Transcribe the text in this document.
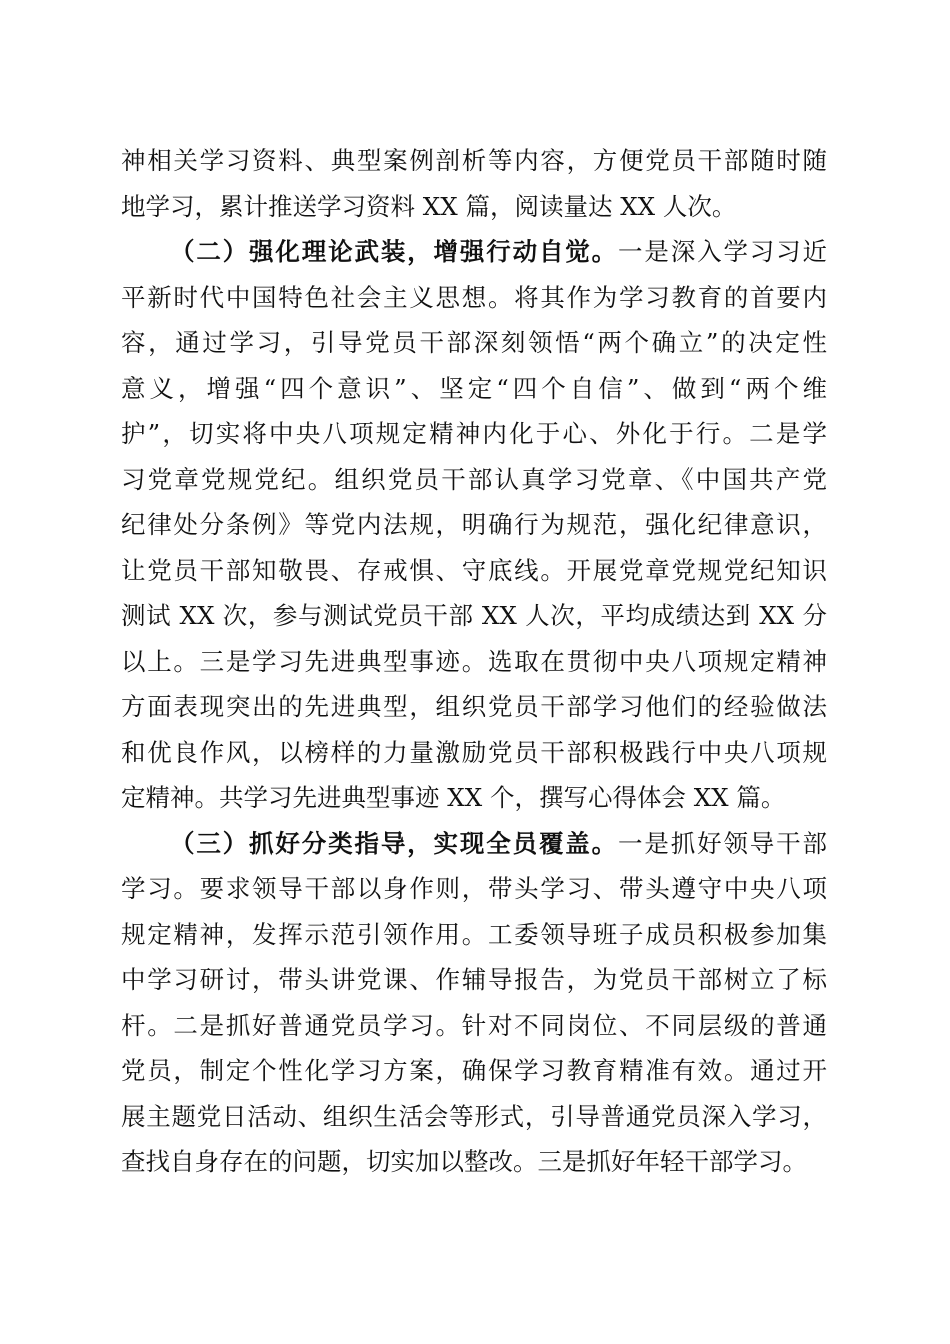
神相关学习资料、典型案例剖析等内容，方便党员干部随时随
地学习，累计推送学习资料 XX 篇，阅读量达 XX 人次。

（二）强化理论武装，增强行动自觉。一是深入学习习近
平新时代中国特色社会主义思想。将其作为学习教育的首要内
容，通过学习，引导党员干部深刻领悟“两个确立”的决定性
意义，增强“四个意识”、坚定“四个自信”、做到“两个维
护”，切实将中央八项规定精神内化于心、外化于行。二是学
习党章党规党纪。组织党员干部认真学习党章、《中国共产党
纪律处分条例》等党内法规，明确行为规范，强化纪律意识，
让党员干部知敬畏、存戒惧、守底线。开展党章党规党纪知识
测试 XX 次，参与测试党员干部 XX 人次，平均成绩达到 XX 分
以上。三是学习先进典型事迹。选取在贯彻中央八项规定精神
方面表现突出的先进典型，组织党员干部学习他们的经验做法
和优良作风，以榜样的力量激励党员干部积极践行中央八项规
定精神。共学习先进典型事迹 XX 个，撰写心得体会 XX 篇。

（三）抓好分类指导，实现全员覆盖。一是抓好领导干部
学习。要求领导干部以身作则，带头学习、带头遵守中央八项
规定精神，发挥示范引领作用。工委领导班子成员积极参加集
中学习研讨，带头讲党课、作辅导报告，为党员干部树立了标
杆。二是抓好普通党员学习。针对不同岗位、不同层级的普通
党员，制定个性化学习方案，确保学习教育精准有效。通过开
展主题党日活动、组织生活会等形式，引导普通党员深入学习，
查找自身存在的问题，切实加以整改。三是抓好年轻干部学习。
